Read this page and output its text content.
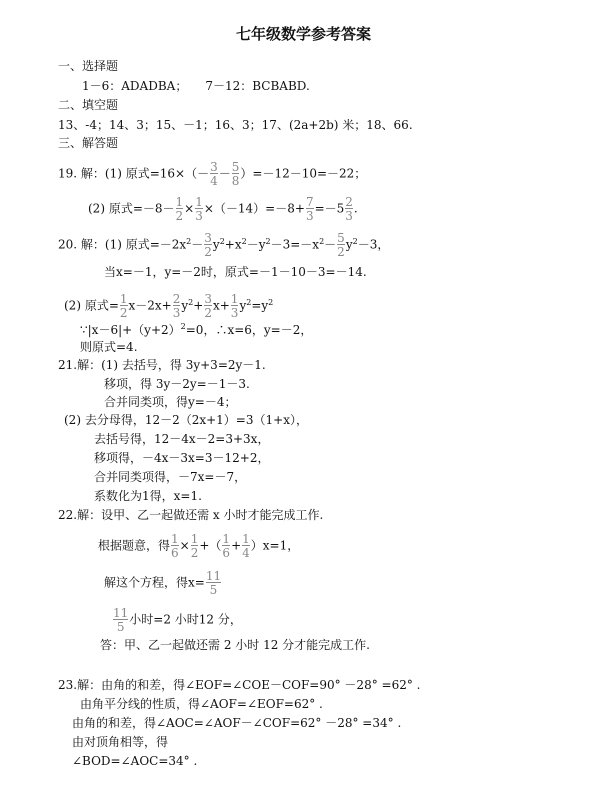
七年级数学参考答案
一、选择题
1－6：ADADBA；　　7－12：BCBABD.
二、填空题
13、-4；14、3；15、－1；16、3；17、(2a+2b) 米；18、66.
三、解答题
19. 解：(1) 原式$=16\times(- \frac{3}{4} - \frac{5}{8} )=-12-10=-22$；
(2) 原式$=-8- \frac{1}{2} \times \frac{1}{3} \times(-14)=-8+ \frac{7}{3} =-5 \frac{2}{3}$ .
20. 解：(1) 原式$=-2x^2- \frac{3}{2} y^2+x^2-y^2-3=-x^2- \frac{5}{2} y^2-3$，
当x=－1，y=－2时，原式=－1－10－3=－14.
(2) 原式= $\frac{1}{2} x-2x+ \frac{2}{3} y^2+ \frac{3}{2} x+ \frac{1}{3} y^2=y^2$
$\because|x-6|+(y+2)^2=0$，∴x=6，y=－2，
则原式=4.
21.解：(1) 去括号，得 3y+3=2y－1.
移项，得 3y－2y=－1－3.
合并同类项，得y=－4；
(2) 去分母得，12－2（2x+1）=3（1+x），
去括号得，12－4x－2=3+3x，
移项得，－4x－3x=3－12+2，
合并同类项得，－7x=－7，
系数化为1得，x=1.
22.解：设甲、乙一起做还需 x 小时才能完成工作.
根据题意，得 $\frac{1}{6} \times \frac{1}{2}$ +（ $\frac{1}{6} + \frac{1}{4} )x=1$，
解这个方程，得$x= \frac{11}{5}$
$\frac{11}{5}$ 小时=2 小时12 分，
答：甲、乙一起做还需 2 小时 12 分才能完成工作.
23.解：由角的和差，得∠EOF=∠COE－COF=90° －28° =62° .
由角平分线的性质，得∠AOF=∠EOF=62° .
由角的和差，得∠AOC=∠AOF－∠COF=62° －28° =34° .
由对顶角相等，得
∠BOD=∠AOC=34° .
